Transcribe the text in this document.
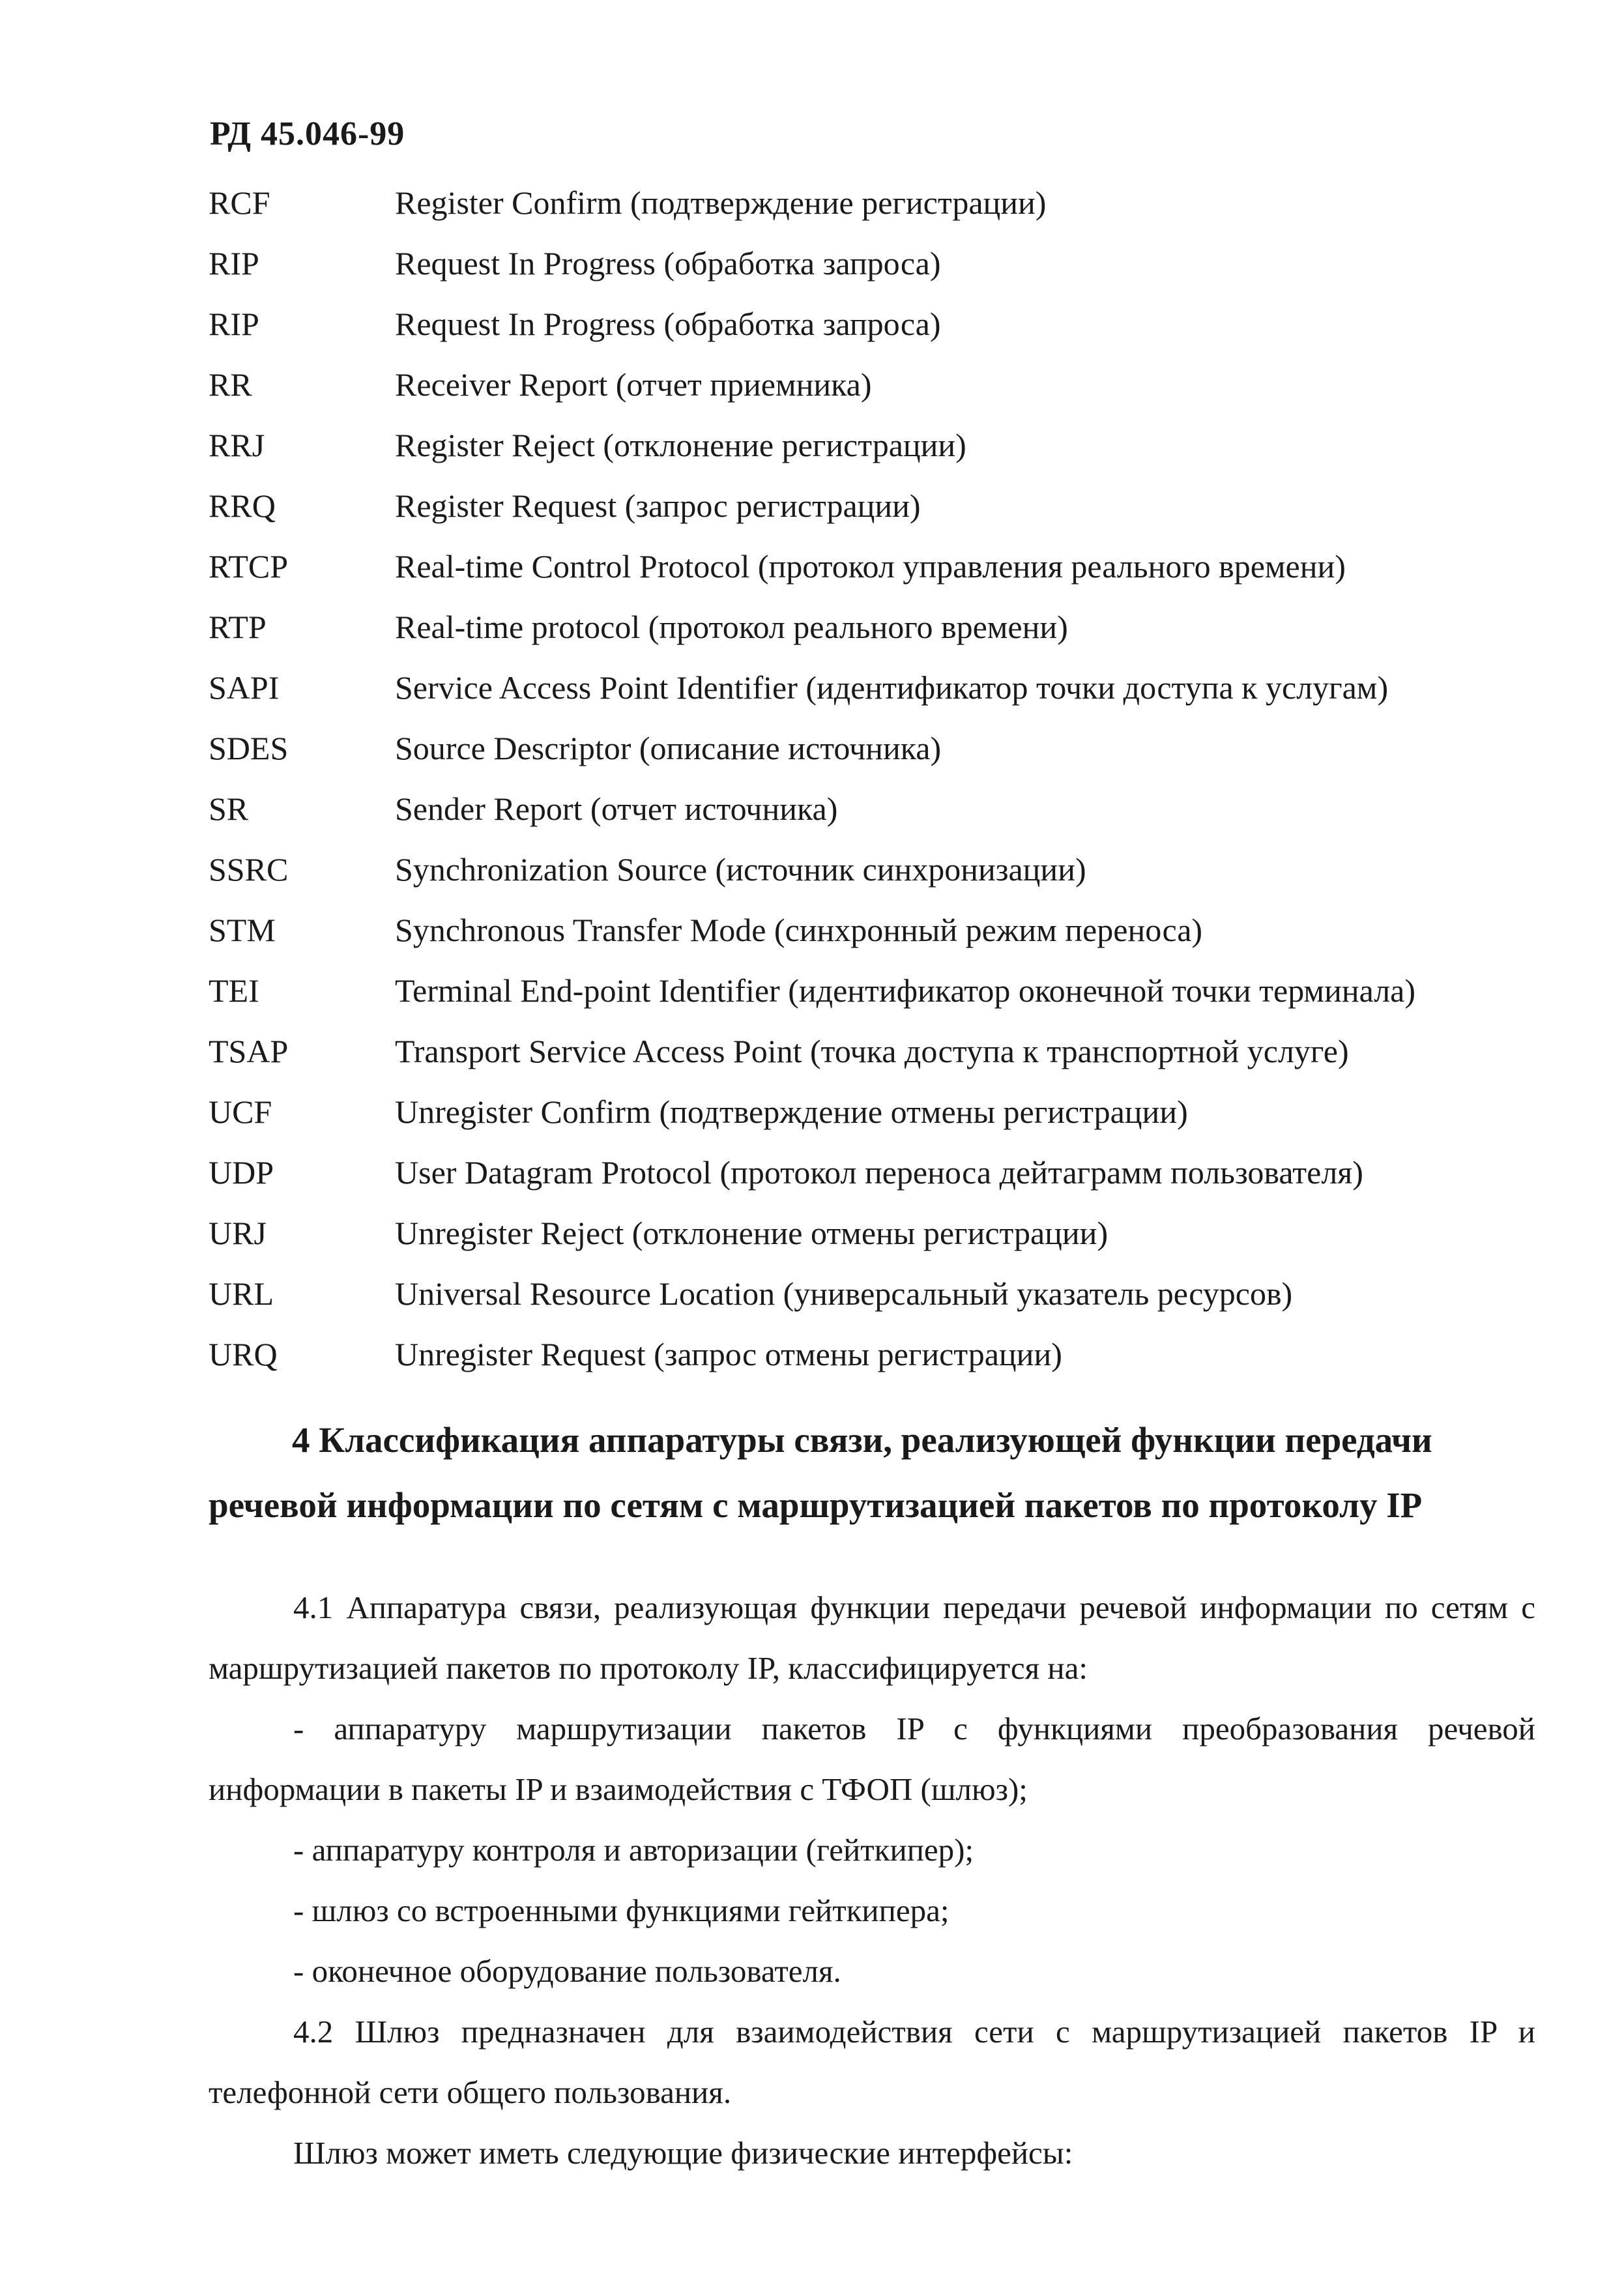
РД 45.046-99
RCF	Register Confirm (подтверждение регистрации)
RIP	Request In Progress (обработка запроса)
RIP	Request In Progress (обработка запроса)
RR	Receiver Report (отчет приемника)
RRJ	Register Reject (отклонение регистрации)
RRQ	Register Request (запрос регистрации)
RTCP	Real-time Control Protocol (протокол управления реального времени)
RTP	Real-time protocol (протокол реального времени)
SAPI	Service Access Point Identifier (идентификатор точки доступа к услугам)
SDES	Source Descriptor (описание источника)
SR	Sender Report (отчет источника)
SSRC	Synchronization Source (источник синхронизации)
STM	Synchronous Transfer Mode (синхронный режим переноса)
TEI	Terminal End-point Identifier (идентификатор оконечной точки терминала)
TSAP	Transport Service Access Point (точка доступа к транспортной услуге)
UCF	Unregister Confirm (подтверждение отмены регистрации)
UDP	User Datagram Protocol (протокол переноса дейтаграмм пользователя)
URJ	Unregister Reject (отклонение отмены регистрации)
URL	Universal Resource Location (универсальный указатель ресурсов)
URQ	Unregister Request (запрос отмены регистрации)
4 Классификация аппаратуры связи, реализующей функции передачи
речевой информации по сетям с маршрутизацией пакетов по протоколу IP

4.1 Аппаратура связи, реализующая функции передачи речевой информации по сетям с маршрутизацией пакетов по протоколу IP, классифицируется на:

- аппаратуру маршрутизации пакетов IP с функциями преобразования речевой информации в пакеты IP и взаимодействия с ТФОП (шлюз);

- аппаратуру контроля и авторизации (гейткипер);

- шлюз со встроенными функциями гейткипера;

- оконечное оборудование пользователя.

4.2 Шлюз предназначен для взаимодействия сети с маршрутизацией пакетов IP и телефонной сети общего пользования.

Шлюз может иметь следующие физические интерфейсы:
